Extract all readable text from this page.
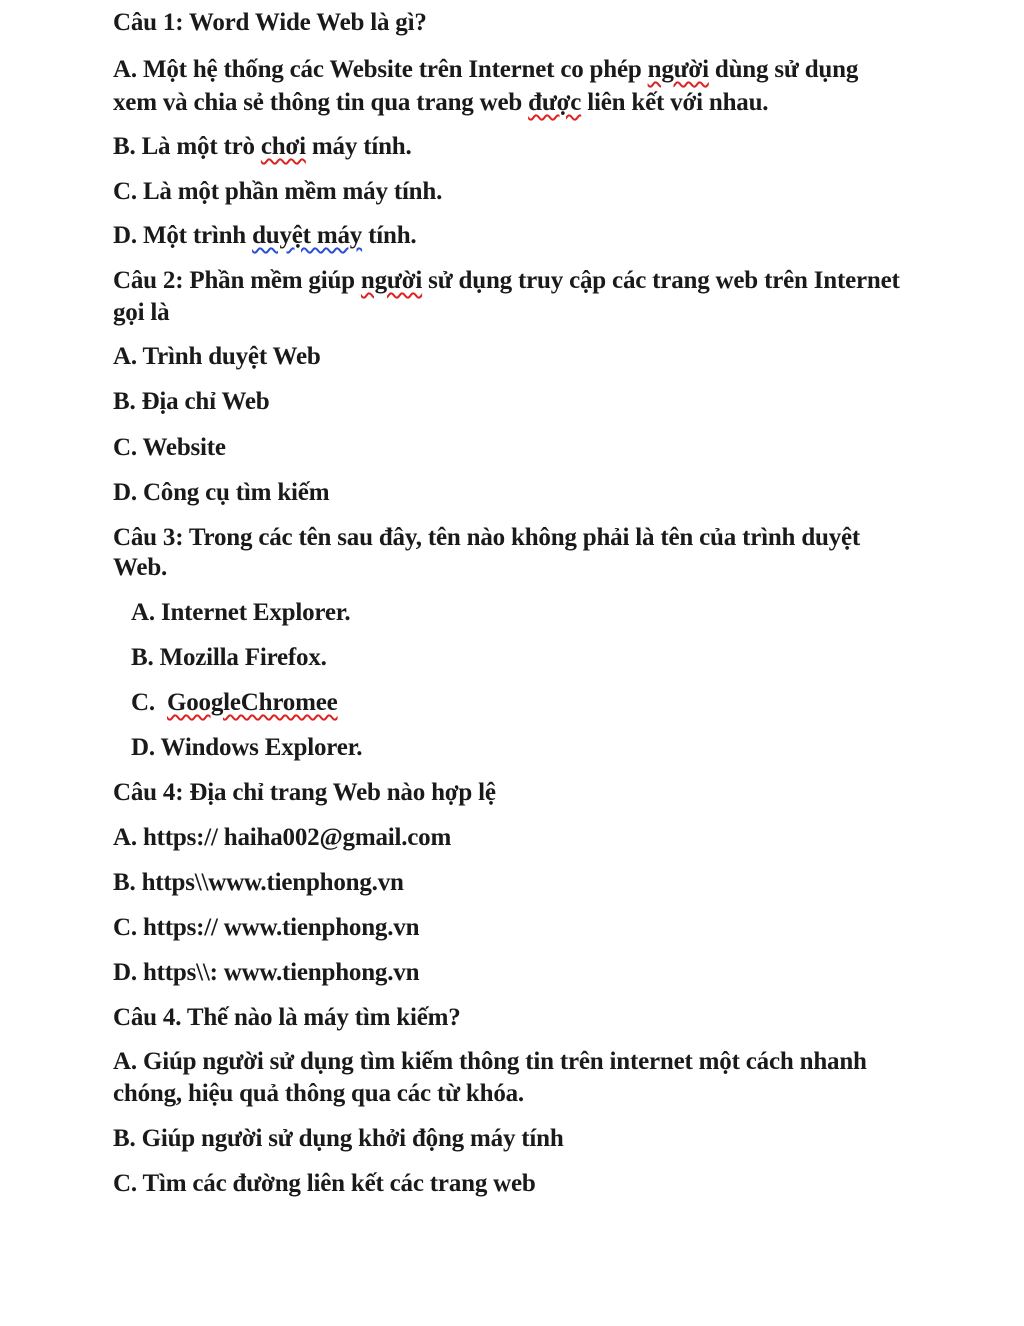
Câu 1: Word Wide Web là gì?
A. Một hệ thống các Website trên Internet co phép người dùng sử dụng
xem và chia sẻ thông tin qua trang web được liên kết với nhau.
B. Là một trò chơi máy tính.
C. Là một phần mềm máy tính.
D. Một trình duyệt máy tính.
Câu 2: Phần mềm giúp người sử dụng truy cập các trang web trên Internet
gọi là
A. Trình duyệt Web
B. Địa chỉ Web
C. Website
D. Công cụ tìm kiếm
Câu 3: Trong các tên sau đây, tên nào không phải là tên của trình duyệt
Web.
A. Internet Explorer.
B. Mozilla Firefox.
C.  GoogleChromee
D. Windows Explorer.
Câu 4: Địa chỉ trang Web nào hợp lệ
A. https:// haiha002@gmail.com
B. https\\www.tienphong.vn
C. https:// www.tienphong.vn
D. https\\: www.tienphong.vn
Câu 4. Thế nào là máy tìm kiếm?
A. Giúp người sử dụng tìm kiếm thông tin trên internet một cách nhanh
chóng, hiệu quả thông qua các từ khóa.
B. Giúp người sử dụng khởi động máy tính
C. Tìm các đường liên kết các trang web
